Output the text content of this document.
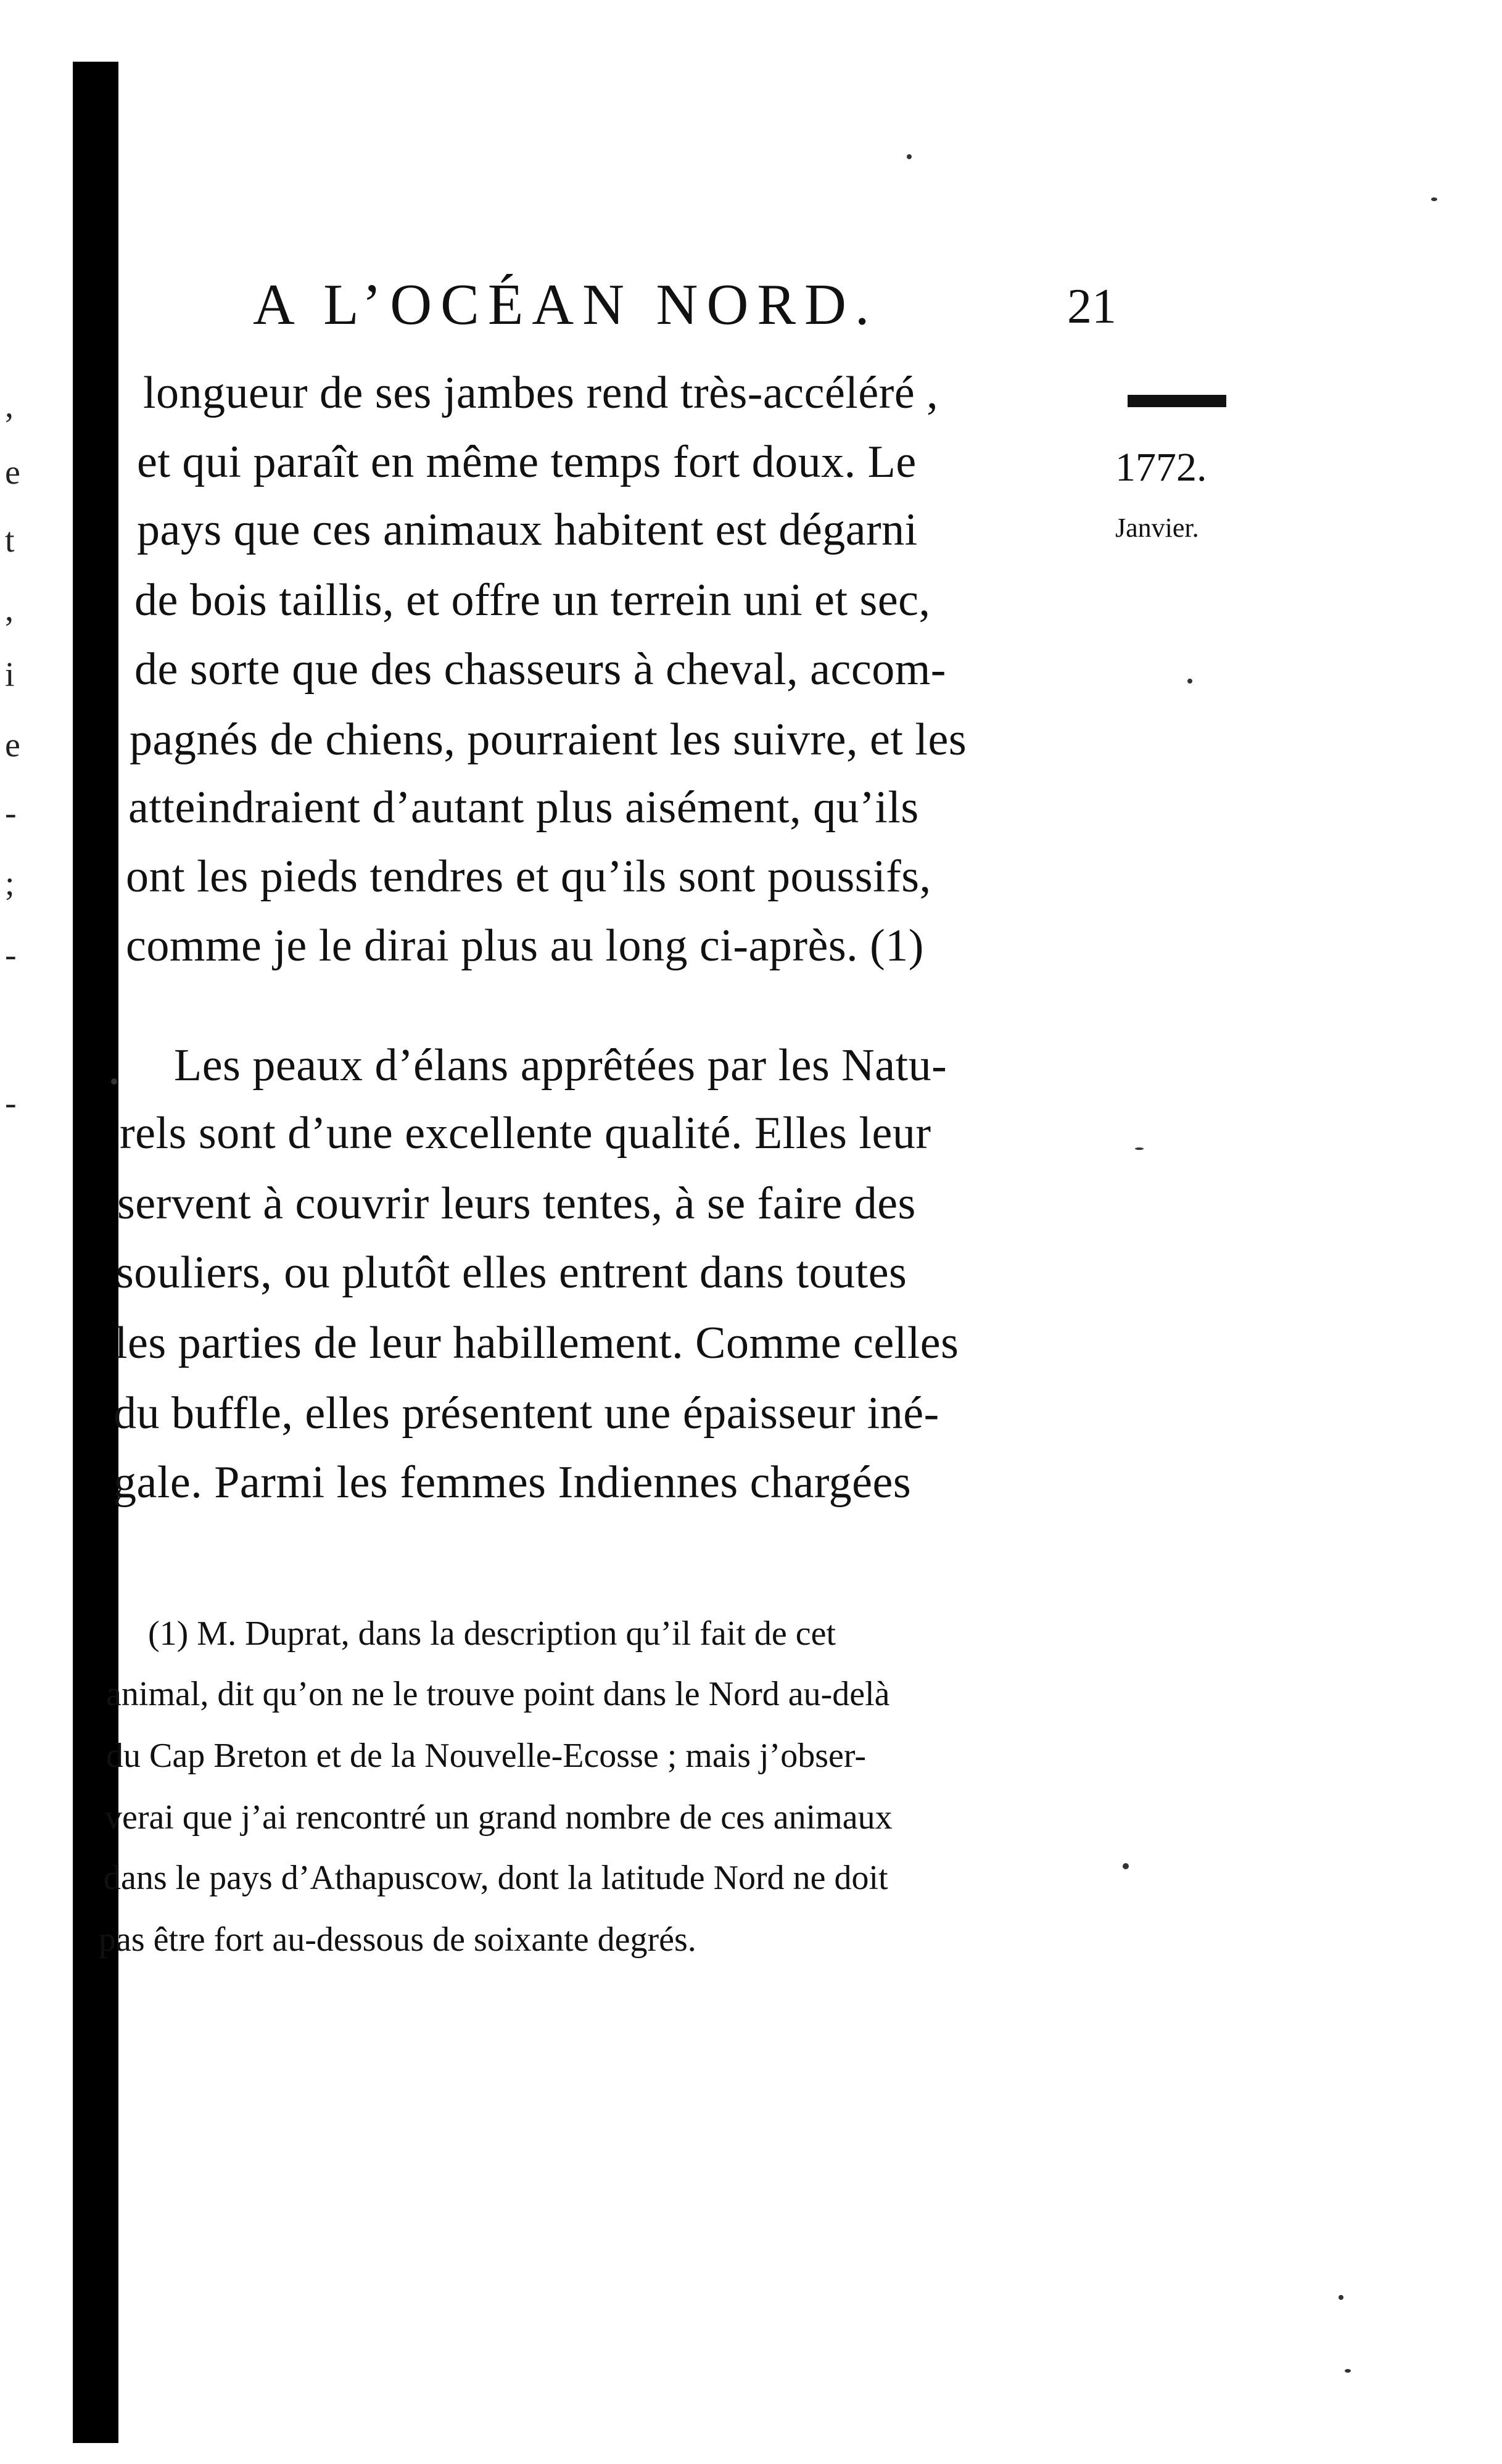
,
e
t
,
i
e
-
;
-
-
A L’OCÉAN NORD.	21
1772.
Janvier.
longueur de ses jambes rend très-accéléré ,
et qui paraît en même temps fort doux. Le
pays que ces animaux habitent est dégarni
de bois taillis, et offre un terrein uni et sec,
de sorte que des chasseurs à cheval, accom-
pagnés de chiens, pourraient les suivre, et les
atteindraient d’autant plus aisément, qu’ils
ont les pieds tendres et qu’ils sont poussifs,
comme je le dirai plus au long ci-après. (1)
Les peaux d’élans apprêtées par les Natu-
rels sont d’une excellente qualité. Elles leur
servent à couvrir leurs tentes, à se faire des
souliers, ou plutôt elles entrent dans toutes
les parties de leur habillement. Comme celles
du buffle, elles présentent une épaisseur iné-
gale. Parmi les femmes Indiennes chargées
(1) M. Duprat, dans la description qu’il fait de cet
animal, dit qu’on ne le trouve point dans le Nord au-delà
du Cap Breton et de la Nouvelle-Ecosse ; mais j’obser-
verai que j’ai rencontré un grand nombre de ces animaux
dans le pays d’Athapuscow, dont la latitude Nord ne doit
pas être fort au-dessous de soixante degrés.
